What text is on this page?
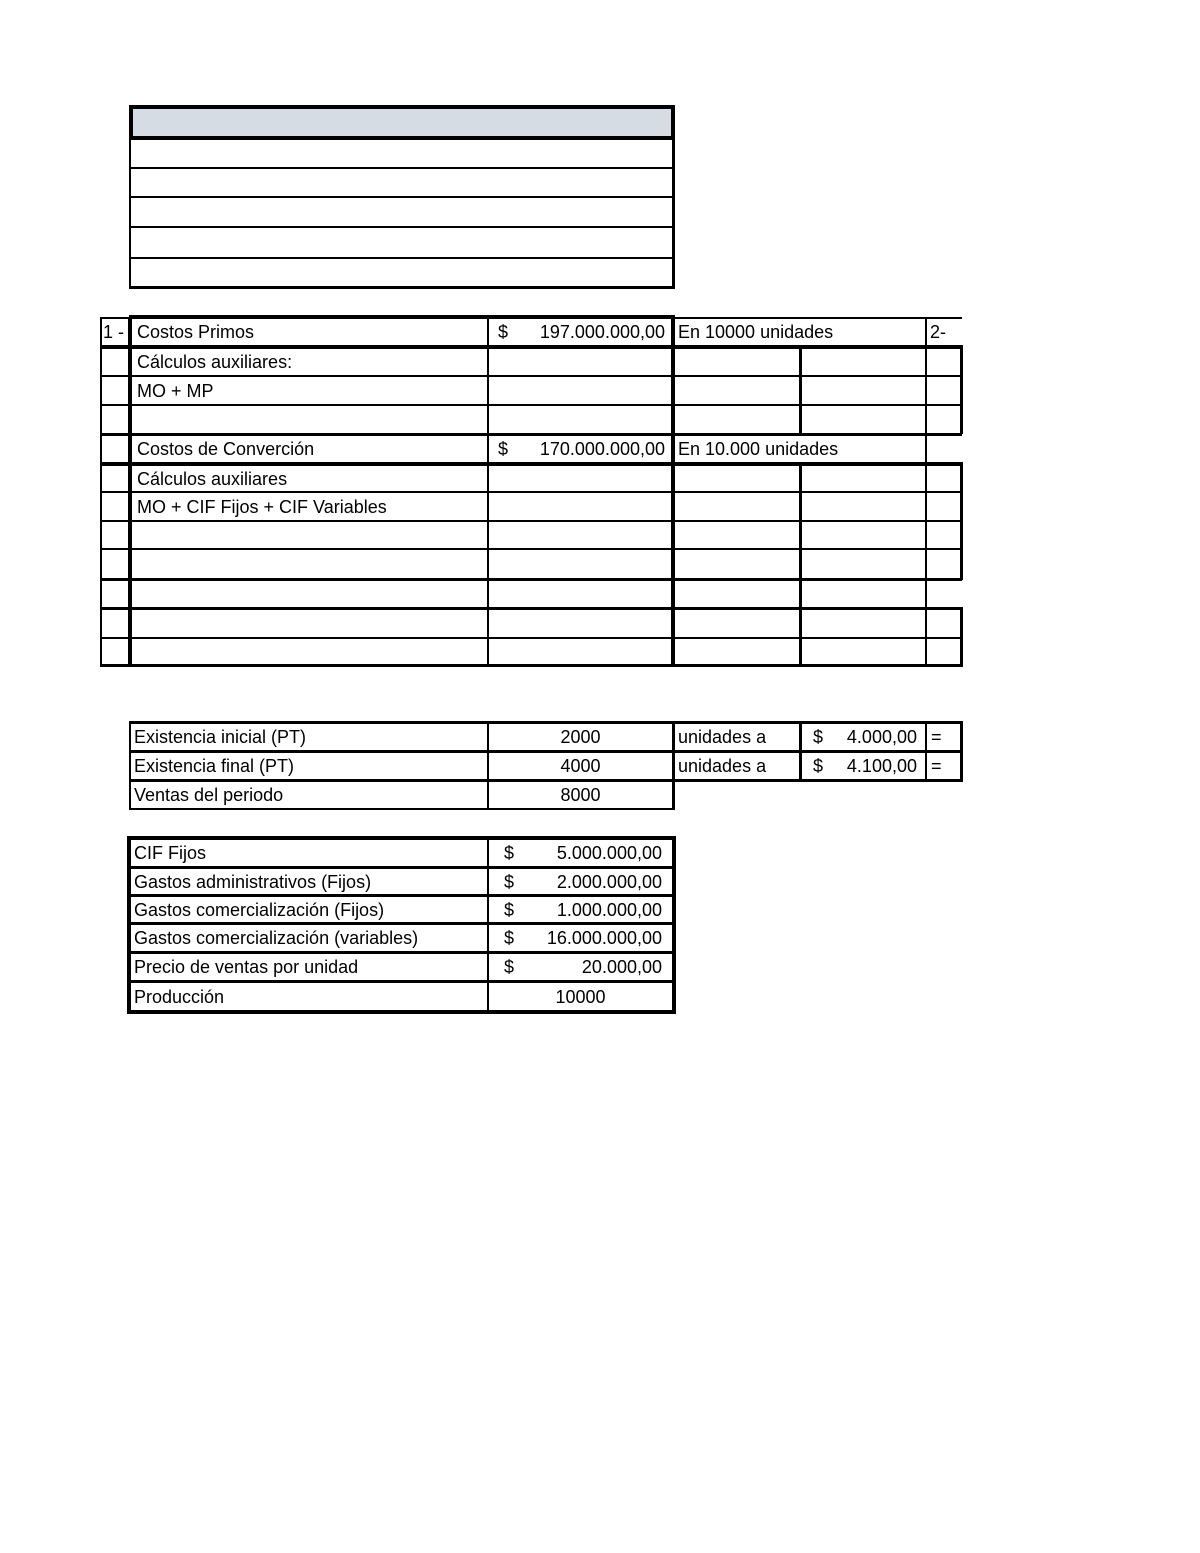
1 - Costos Primos	$ 197.000.000,00 En 10000 unidades	2-
Cálculos auxiliares:
MO + MP
Costos de Converción	$ 170.000.000,00 En 10.000 unidades
Cálculos auxiliares
MO + CIF Fijos + CIF Variables
Existencia inicial (PT)	2000	unidades a	$ 4.000,00 =
Existencia final (PT)	4000	unidades a	$ 4.100,00 =
Ventas del periodo	8000
CIF Fijos	$ 5.000.000,00
Gastos administrativos (Fijos)	$ 2.000.000,00
Gastos comercialización (Fijos)	$ 1.000.000,00
Gastos comercialización (variables)	$ 16.000.000,00
Precio de ventas por unidad	$	20.000,00
Producción	10000
